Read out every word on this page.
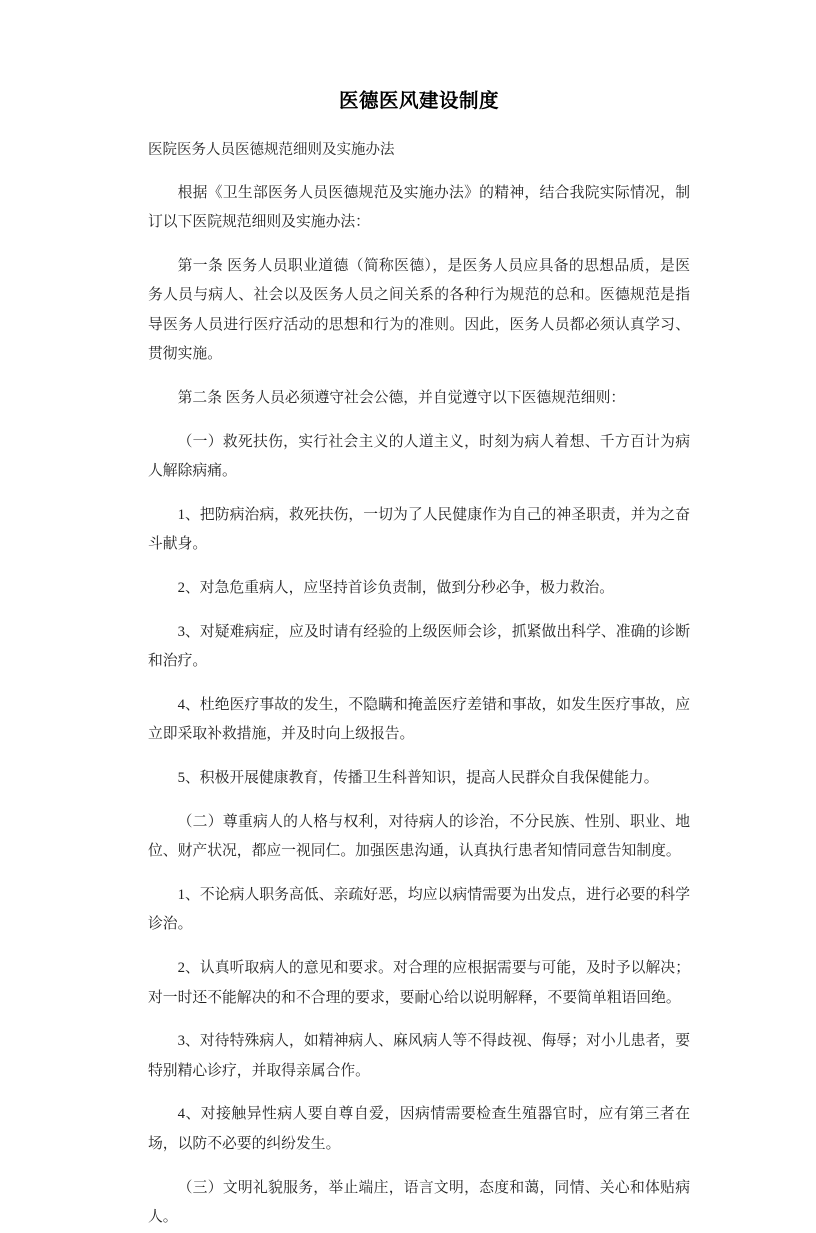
医德医风建设制度
医院医务人员医德规范细则及实施办法

根据《卫生部医务人员医德规范及实施办法》的精神，结合我院实际情况，制订以下医院规范细则及实施办法：

第一条 医务人员职业道德（简称医德），是医务人员应具备的思想品质，是医务人员与病人、社会以及医务人员之间关系的各种行为规范的总和。医德规范是指导医务人员进行医疗活动的思想和行为的准则。因此，医务人员都必须认真学习、贯彻实施。

第二条 医务人员必须遵守社会公德，并自觉遵守以下医德规范细则：

（一）救死扶伤，实行社会主义的人道主义，时刻为病人着想、千方百计为病人解除病痛。

1、把防病治病，救死扶伤，一切为了人民健康作为自己的神圣职责，并为之奋斗献身。

2、对急危重病人，应坚持首诊负责制，做到分秒必争，极力救治。

3、对疑难病症，应及时请有经验的上级医师会诊，抓紧做出科学、准确的诊断和治疗。

4、杜绝医疗事故的发生，不隐瞒和掩盖医疗差错和事故，如发生医疗事故，应立即采取补救措施，并及时向上级报告。

5、积极开展健康教育，传播卫生科普知识，提高人民群众自我保健能力。

（二）尊重病人的人格与权利，对待病人的诊治，不分民族、性别、职业、地位、财产状况，都应一视同仁。加强医患沟通，认真执行患者知情同意告知制度。

1、不论病人职务高低、亲疏好恶，均应以病情需要为出发点，进行必要的科学诊治。

2、认真听取病人的意见和要求。对合理的应根据需要与可能，及时予以解决；对一时还不能解决的和不合理的要求，要耐心给以说明解释，不要简单粗语回绝。

3、对待特殊病人，如精神病人、麻风病人等不得歧视、侮辱；对小儿患者，要特别精心诊疗，并取得亲属合作。

4、对接触异性病人要自尊自爱，因病情需要检查生殖器官时，应有第三者在场，以防不必要的纠纷发生。

（三）文明礼貌服务，举止端庄，语言文明，态度和蔼，同情、关心和体贴病人。
